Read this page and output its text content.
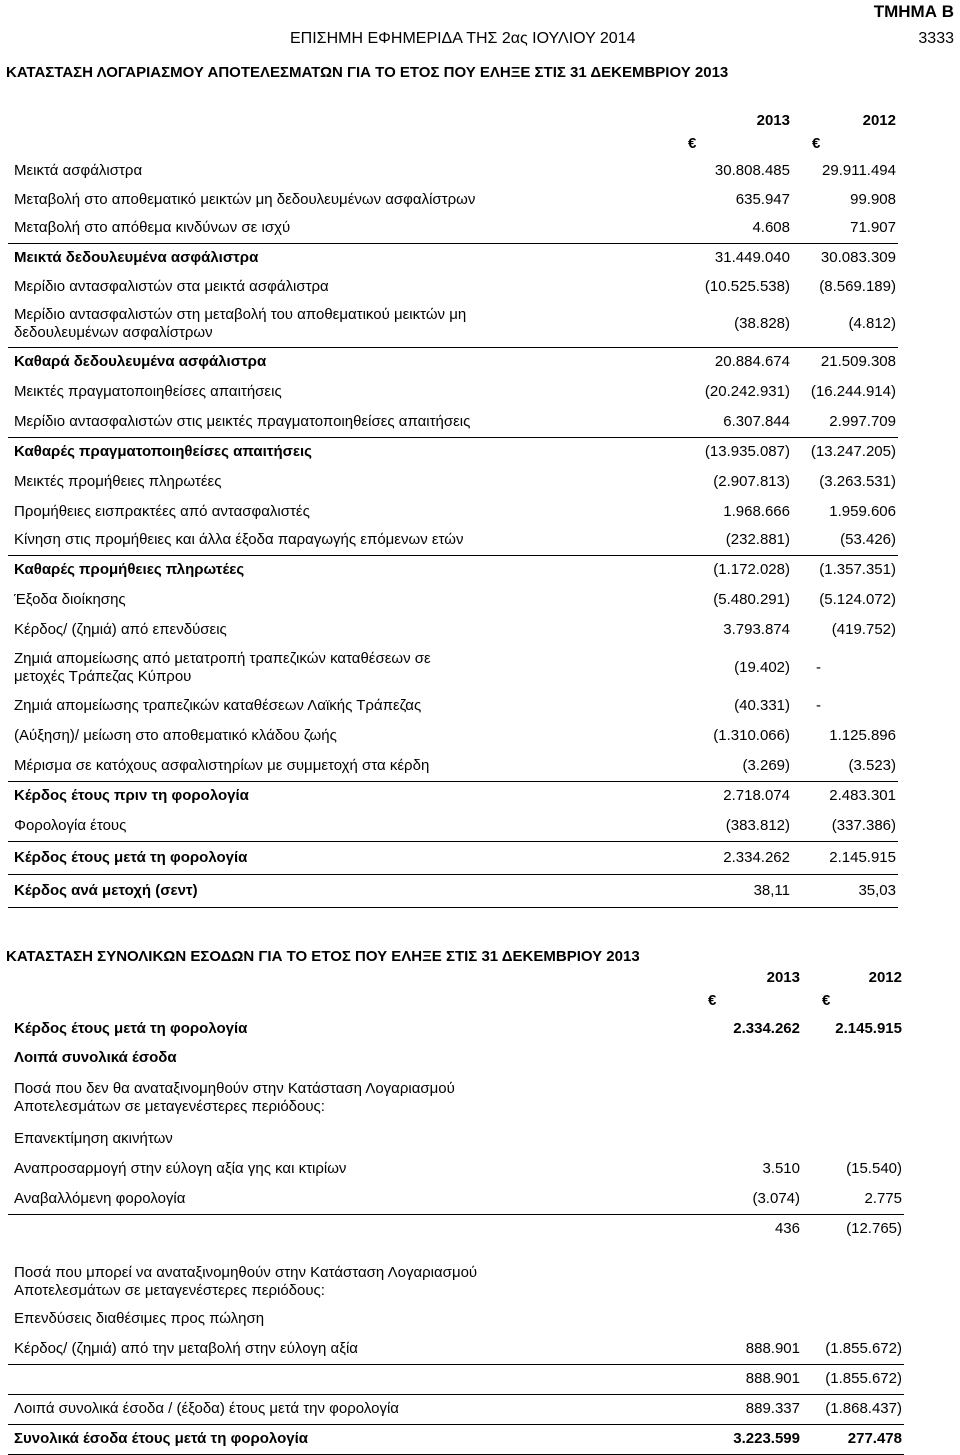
ΤΜΗΜΑ Β
ΕΠΙΣΗΜΗ ΕΦΗΜΕΡΙΔΑ ΤΗΣ 2ας ΙΟΥΛΙΟΥ 2014	3333
ΚΑΤΑΣΤΑΣΗ ΛΟΓΑΡΙΑΣΜΟΥ ΑΠΟΤΕΛΕΣΜΑΤΩΝ ΓΙΑ ΤΟ ΕΤΟΣ ΠΟΥ ΕΛΗΞΕ ΣΤΙΣ 31 ΔΕΚΕΜΒΡΙΟΥ 2013
	2013	2012
	€	€
Μεικτά ασφάλιστρα	30.808.485	29.911.494
Μεταβολή στο αποθεματικό μεικτών μη δεδουλευμένων ασφαλίστρων	635.947	99.908
Μεταβολή στο απόθεμα κινδύνων σε ισχύ	4.608	71.907
Μεικτά δεδουλευμένα ασφάλιστρα	31.449.040	30.083.309
Μερίδιο αντασφαλιστών στα μεικτά ασφάλιστρα	(10.525.538)	(8.569.189)

Μερίδιο αντασφαλιστών στη μεταβολή του αποθεματικού μεικτών μη
δεδουλευμένων ασφαλίστρων	(38.828)	(4.812)
Καθαρά δεδουλευμένα ασφάλιστρα	20.884.674	21.509.308
Μεικτές πραγματοποιηθείσες απαιτήσεις	(20.242.931)	(16.244.914)
Μερίδιο αντασφαλιστών στις μεικτές πραγματοποιηθείσες απαιτήσεις	6.307.844	2.997.709
Καθαρές πραγματοποιηθείσες απαιτήσεις	(13.935.087)	(13.247.205)
Μεικτές προμήθειες πληρωτέες	(2.907.813)	(3.263.531)
Προμήθειες εισπρακτέες από αντασφαλιστές	1.968.666	1.959.606
Κίνηση στις προμήθειες και άλλα έξοδα παραγωγής επόμενων ετών	(232.881)	(53.426)
Καθαρές προμήθειες πληρωτέες	(1.172.028)	(1.357.351)
Έξοδα διοίκησης	(5.480.291)	(5.124.072)
Κέρδος/ (ζημιά) από επενδύσεις	3.793.874	(419.752)

Ζημιά απομείωσης από μετατροπή τραπεζικών καταθέσεων σε
μετοχές Τράπεζας Κύπρου	(19.402)	-
Ζημιά απομείωσης τραπεζικών καταθέσεων Λαϊκής Τράπεζας	(40.331)	-
(Αύξηση)/ μείωση στο αποθεματικό κλάδου ζωής	(1.310.066)	1.125.896
Μέρισμα σε κατόχους ασφαλιστηρίων με συμμετοχή στα κέρδη	(3.269)	(3.523)
Κέρδος έτους πριν τη φορολογία	2.718.074	2.483.301
Φορολογία έτους	(383.812)	(337.386)
Κέρδος έτους μετά τη φορολογία	2.334.262	2.145.915
Κέρδος ανά μετοχή (σεντ)	38,11	35,03
ΚΑΤΑΣΤΑΣΗ ΣΥΝΟΛΙΚΩΝ ΕΣΟΔΩΝ ΓΙΑ ΤΟ ΕΤΟΣ ΠΟΥ ΕΛΗΞΕ ΣΤΙΣ 31 ΔΕΚΕΜΒΡΙΟΥ 2013
	2013	2012
	€	€
Κέρδος έτους μετά τη φορολογία	2.334.262	2.145.915
Λοιπά συνολικά έσοδα		

Ποσά που δεν θα αναταξινομηθούν στην Κατάσταση Λογαριασμού
Αποτελεσμάτων σε μεταγενέστερες περιόδους:		

Επανεκτίμηση ακινήτων		
Αναπροσαρμογή στην εύλογη αξία γης και κτιρίων	3.510	(15.540)
Αναβαλλόμενη φορολογία	(3.074)	2.775
	436	(12.765)

Ποσά που μπορεί να αναταξινομηθούν στην Κατάσταση Λογαριασμού
Αποτελεσμάτων σε μεταγενέστερες περιόδους:		

Επενδύσεις διαθέσιμες προς πώληση		
Κέρδος/ (ζημιά) από την μεταβολή στην εύλογη αξία	888.901	(1.855.672)
	888.901	(1.855.672)
Λοιπά συνολικά έσοδα / (έξοδα) έτους μετά την φορολογία	889.337	(1.868.437)
Συνολικά έσοδα έτους μετά τη φορολογία	3.223.599	277.478
